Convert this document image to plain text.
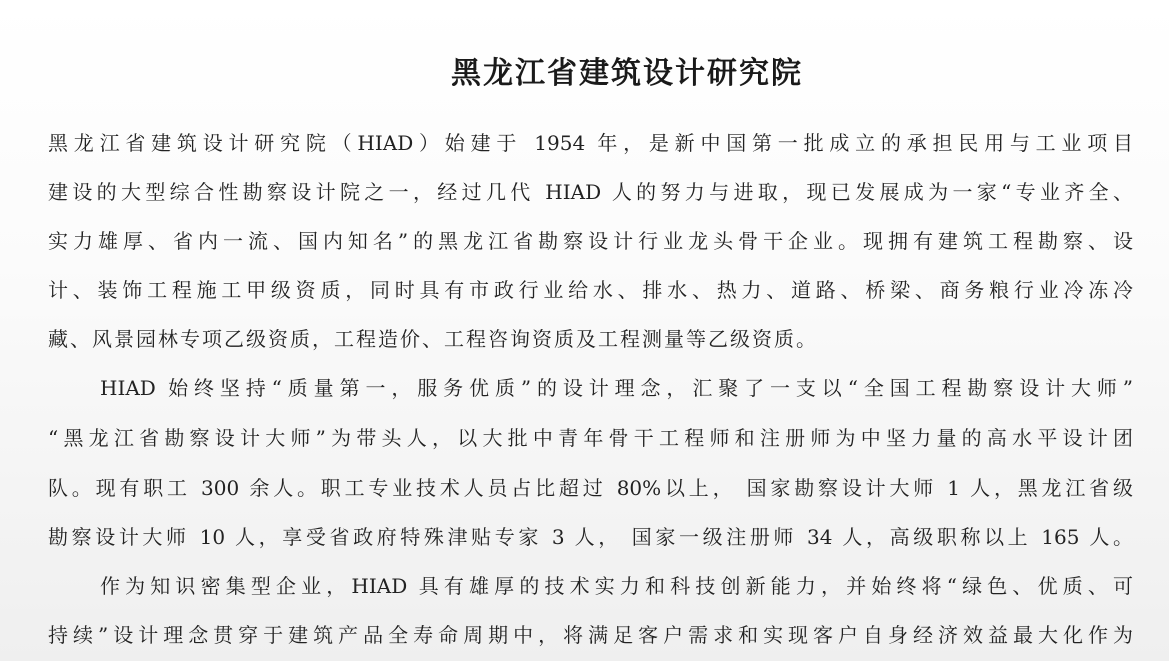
黑龙江省建筑设计研究院
黑龙江省建筑设计研究院（HIAD）始建于 1954 年，是新中国第一批成立的承担民用与工业项目
建设的大型综合性勘察设计院之一，经过几代 HIAD 人的努力与进取，现已发展成为一家“专业齐全、
实力雄厚、省内一流、国内知名”的黑龙江省勘察设计行业龙头骨干企业。现拥有建筑工程勘察、设
计、装饰工程施工甲级资质，同时具有市政行业给水、排水、热力、道路、桥梁、商务粮行业冷冻冷
藏、风景园林专项乙级资质，工程造价、工程咨询资质及工程测量等乙级资质。
HIAD 始终坚持“质量第一，服务优质”的设计理念，汇聚了一支以“全国工程勘察设计大师”
“黑龙江省勘察设计大师”为带头人，以大批中青年骨干工程师和注册师为中坚力量的高水平设计团
队。现有职工 300 余人。职工专业技术人员占比超过 80%以上， 国家勘察设计大师 1 人，黑龙江省级
勘察设计大师 10 人，享受省政府特殊津贴专家 3 人， 国家一级注册师 34 人，高级职称以上 165 人。
作为知识密集型企业，HIAD 具有雄厚的技术实力和科技创新能力，并始终将“绿色、优质、可
持续”设计理念贯穿于建筑产品全寿命周期中，将满足客户需求和实现客户自身经济效益最大化作为
